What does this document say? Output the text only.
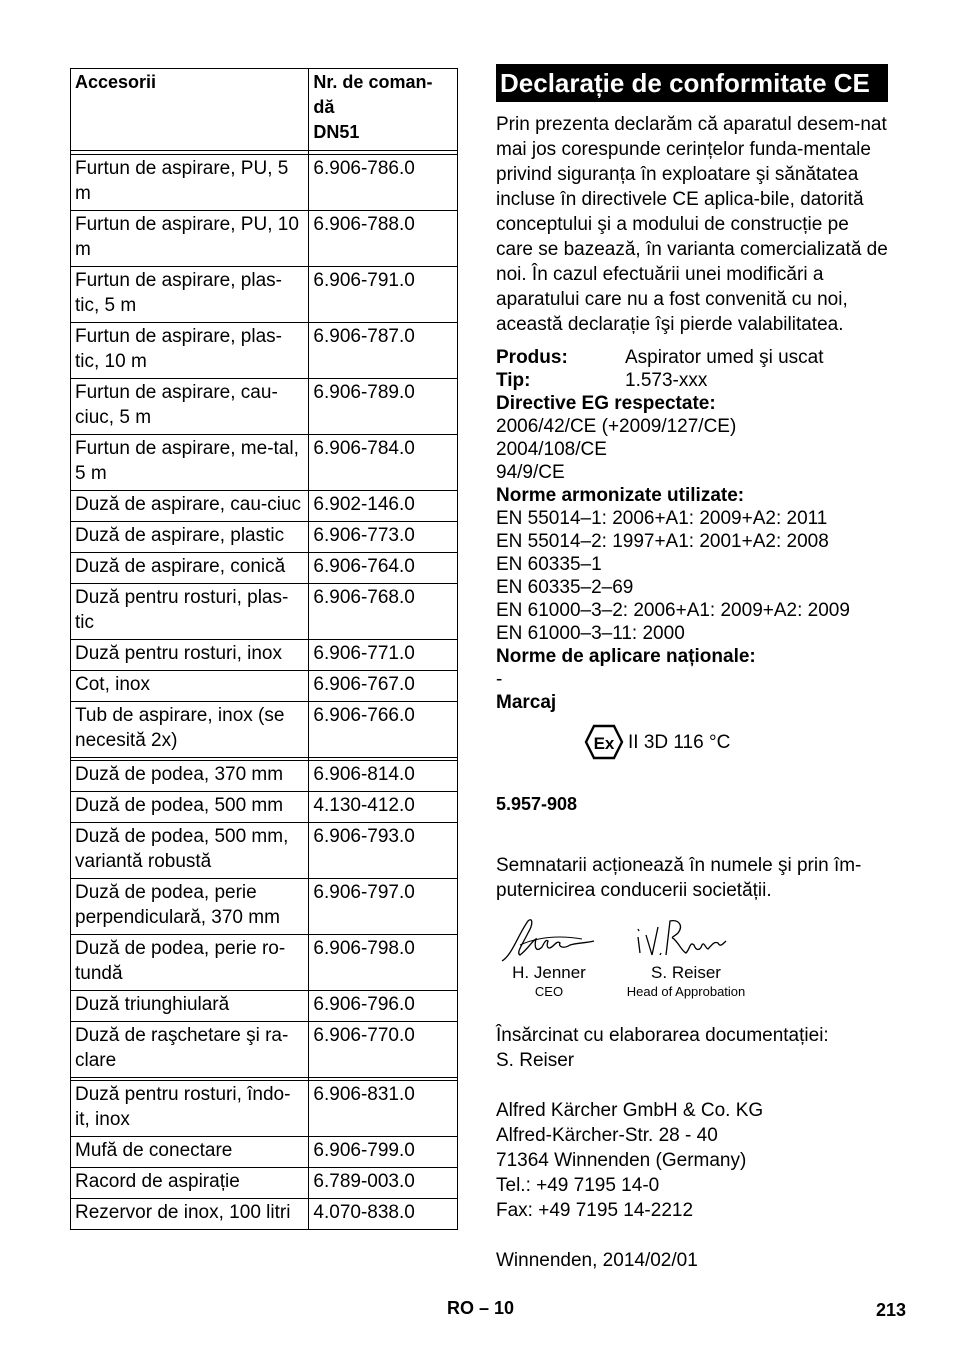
Accesorii	Nr. de coman-
dă
DN51

Furtun de aspirare, PU, 5 m	6.906-786.0
Furtun de aspirare, PU, 10 m	6.906-788.0
Furtun de aspirare, plas-tic, 5 m	6.906-791.0
Furtun de aspirare, plas-tic, 10 m	6.906-787.0
Furtun de aspirare, cau-ciuc, 5 m	6.906-789.0
Furtun de aspirare, me-tal, 5 m	6.906-784.0
Duză de aspirare, cau-ciuc	6.902-146.0
Duză de aspirare, plastic	6.906-773.0
Duză de aspirare, conică	6.906-764.0
Duză pentru rosturi, plas-tic	6.906-768.0
Duză pentru rosturi, inox	6.906-771.0
Cot, inox	6.906-767.0
Tub de aspirare, inox (se necesită 2x)	6.906-766.0

Duză de podea, 370 mm	6.906-814.0
Duză de podea, 500 mm	4.130-412.0
Duză de podea, 500 mm, variantă robustă	6.906-793.0
Duză de podea, perie perpendiculară, 370 mm	6.906-797.0
Duză de podea, perie ro-tundă	6.906-798.0
Duză triunghiulară	6.906-796.0
Duză de raşchetare şi ra-clare	6.906-770.0

Duză pentru rosturi, îndo-it, inox	6.906-831.0
Mufă de conectare	6.906-799.0
Racord de aspirație	6.789-003.0
Rezervor de inox, 100 litri	4.070-838.0
Declarație de conformitate CE
Prin prezenta declarăm că aparatul desem-nat mai jos corespunde cerințelor funda-mentale privind siguranța în exploatare şi sănătatea incluse în directivele CE aplica-bile, datorită conceptului şi a modului de construcție pe care se bazează, în varianta comercializată de noi. În cazul efectuării unei modificări a aparatului care nu a fost convenită cu noi, această declarație îşi pierde valabilitatea.
Produs:	Aspirator umed şi uscat
Tip:	1.573-xxx
Directive EG respectate:
2006/42/CE (+2009/127/CE)
2004/108/CE
94/9/CE
Norme armonizate utilizate:
EN 55014–1: 2006+A1: 2009+A2: 2011
EN 55014–2: 1997+A1: 2001+A2: 2008
EN 60335–1
EN 60335–2–69
EN 61000–3–2: 2006+A1: 2009+A2: 2009
EN 61000–3–11: 2000
Norme de aplicare naționale:
-
Marcaj
Ex II 3D 116 °C
5.957-908
Semnatarii acționează în numele şi prin îm-puternicirea conducerii societății.
H. Jenner
CEO
S. Reiser
Head of Approbation
Însărcinat cu elaborarea documentației:
S. Reiser
Alfred Kärcher GmbH & Co. KG
Alfred-Kärcher-Str. 28 - 40
71364 Winnenden (Germany)
Tel.: +49 7195 14-0
Fax: +49 7195 14-2212
Winnenden, 2014/02/01
RO – 10	213
